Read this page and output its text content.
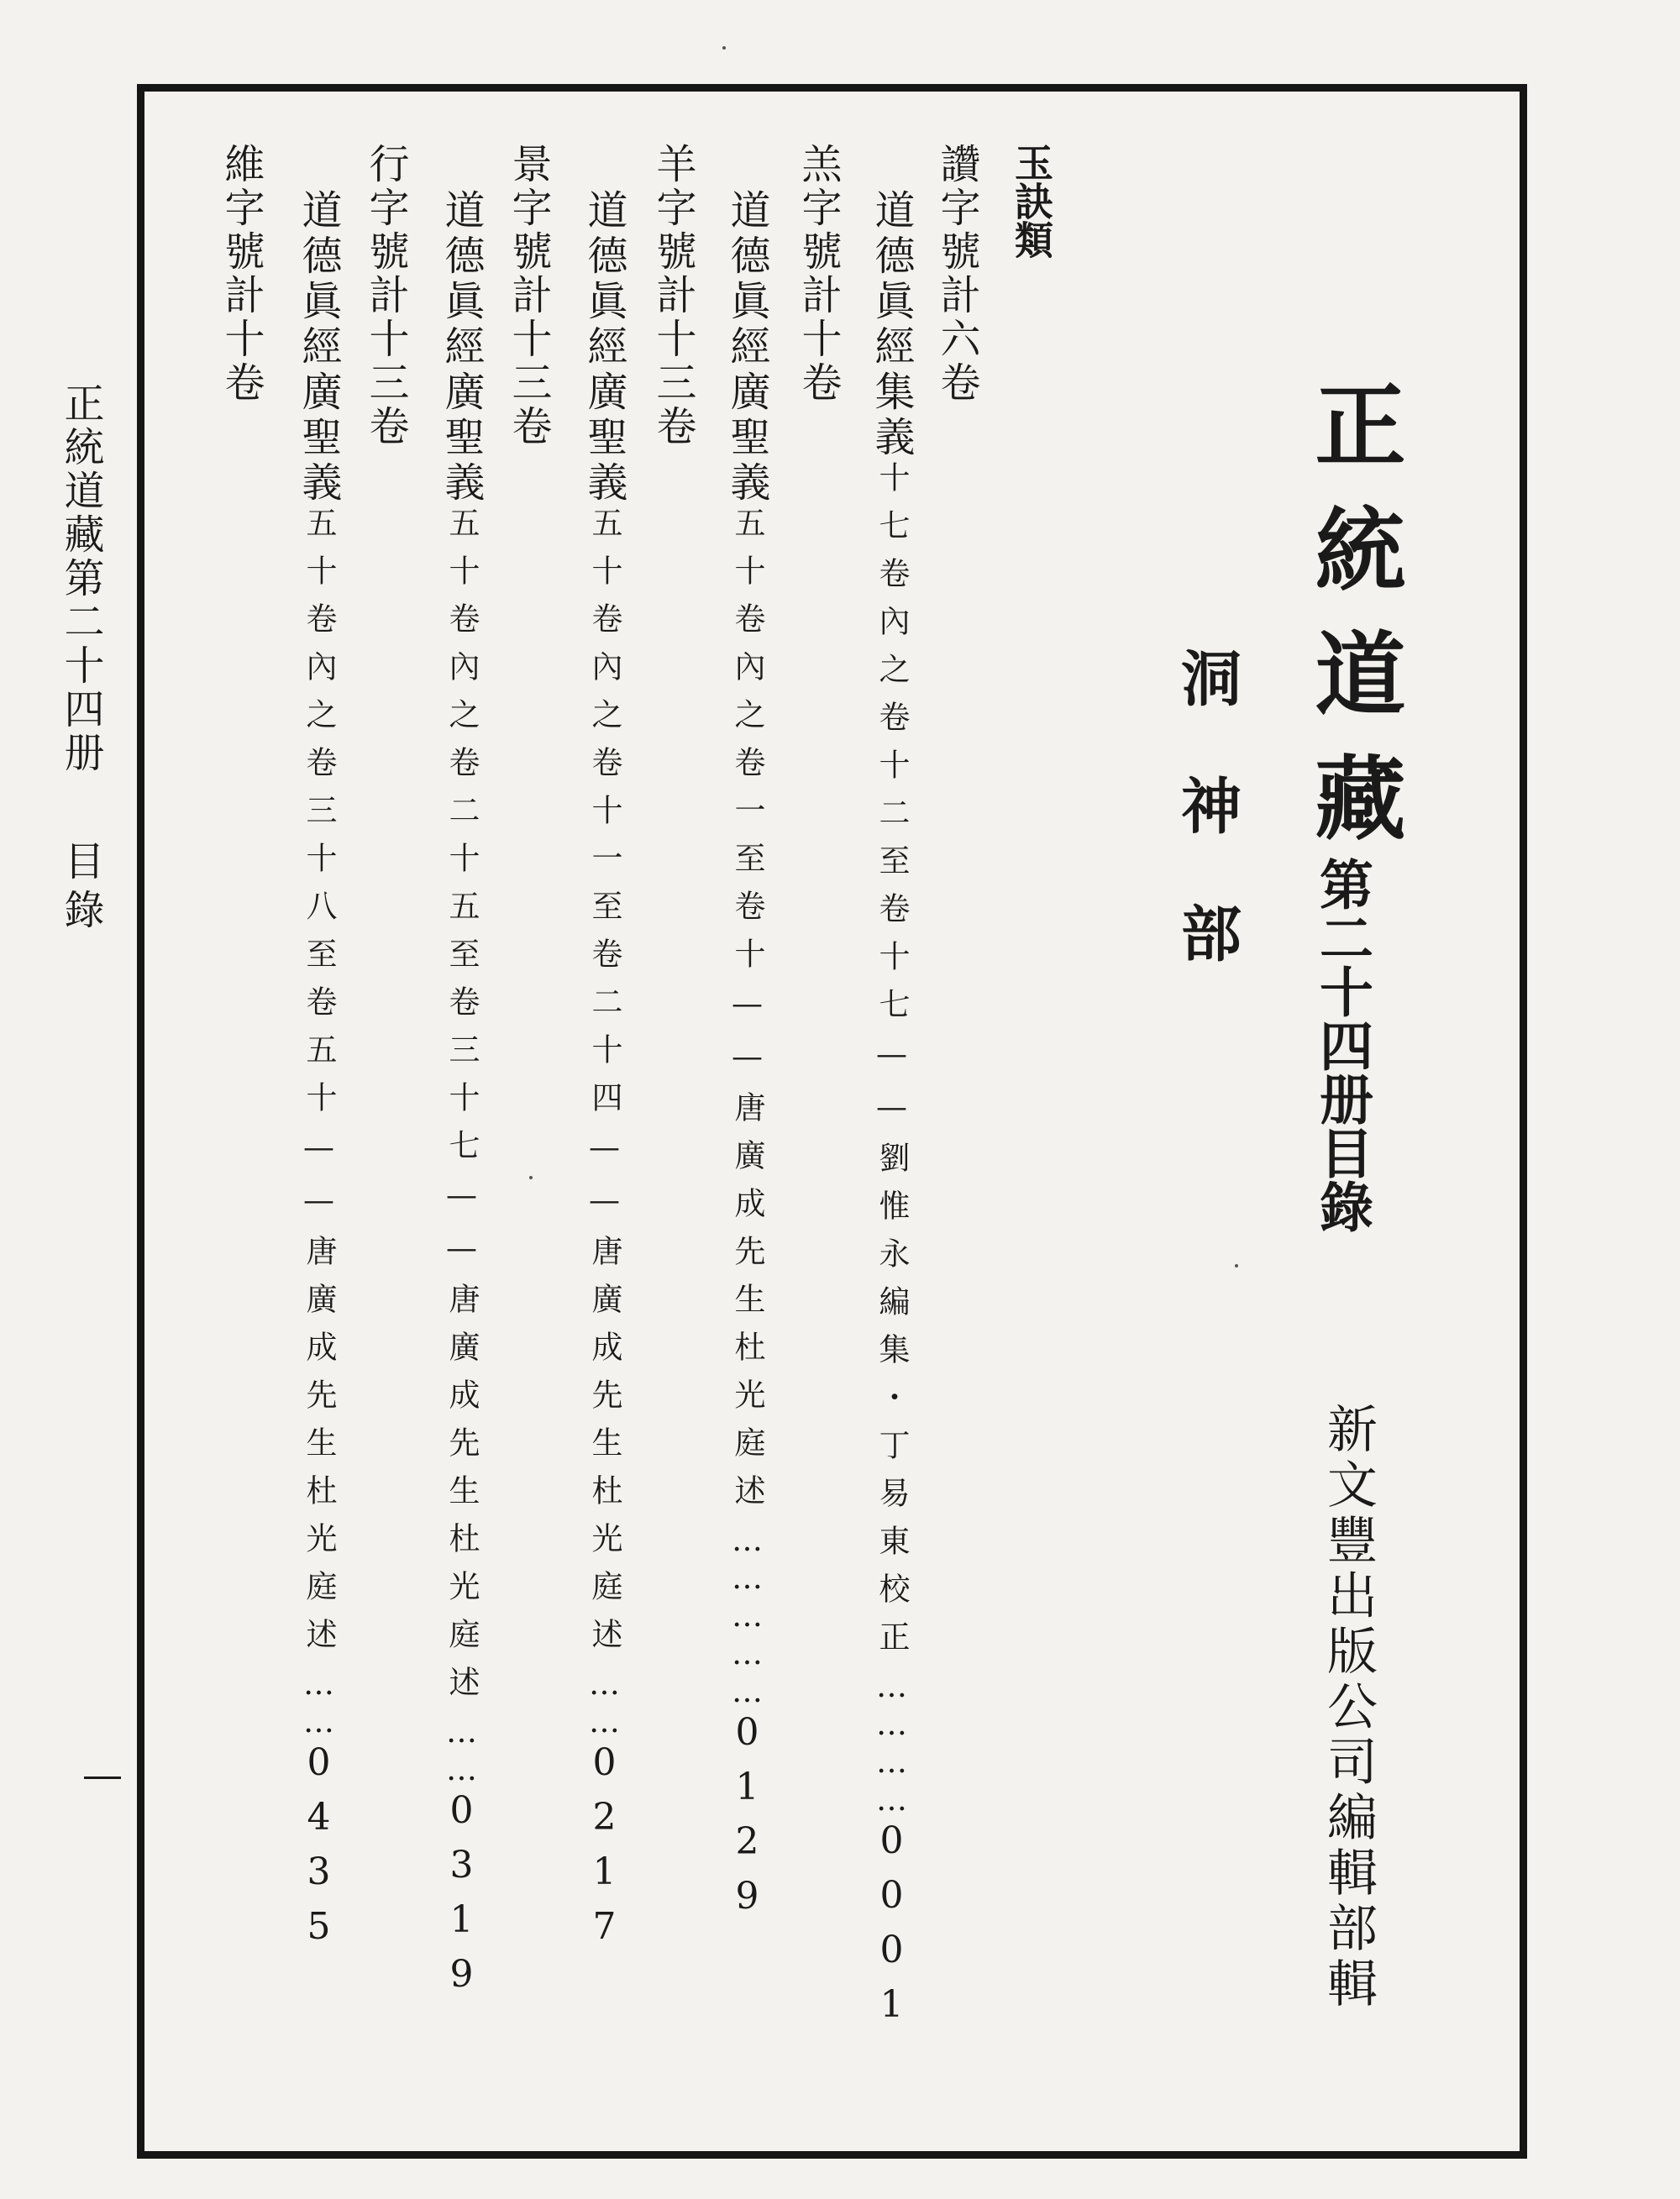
正統道藏
第二十四册目錄
洞神部
新文豐出版公司編輯部輯
玉訣類
讚字號計六卷
道德眞經集義十七卷內之卷十二至卷十七——劉惟永編集・丁易東校正…………0001
羔字號計十卷
道德眞經廣聖義五十卷內之卷一至卷十——唐廣成先生杜光庭述……………0129
羊字號計十三卷
道德眞經廣聖義五十卷內之卷十一至卷二十四——唐廣成先生杜光庭述……0217
景字號計十三卷
道德眞經廣聖義五十卷內之卷二十五至卷三十七——唐廣成先生杜光庭述……0319
行字號計十三卷
道德眞經廣聖義五十卷內之卷三十八至卷五十——唐廣成先生杜光庭述……0435
維字號計十卷
正統道藏第二十四册
目錄
